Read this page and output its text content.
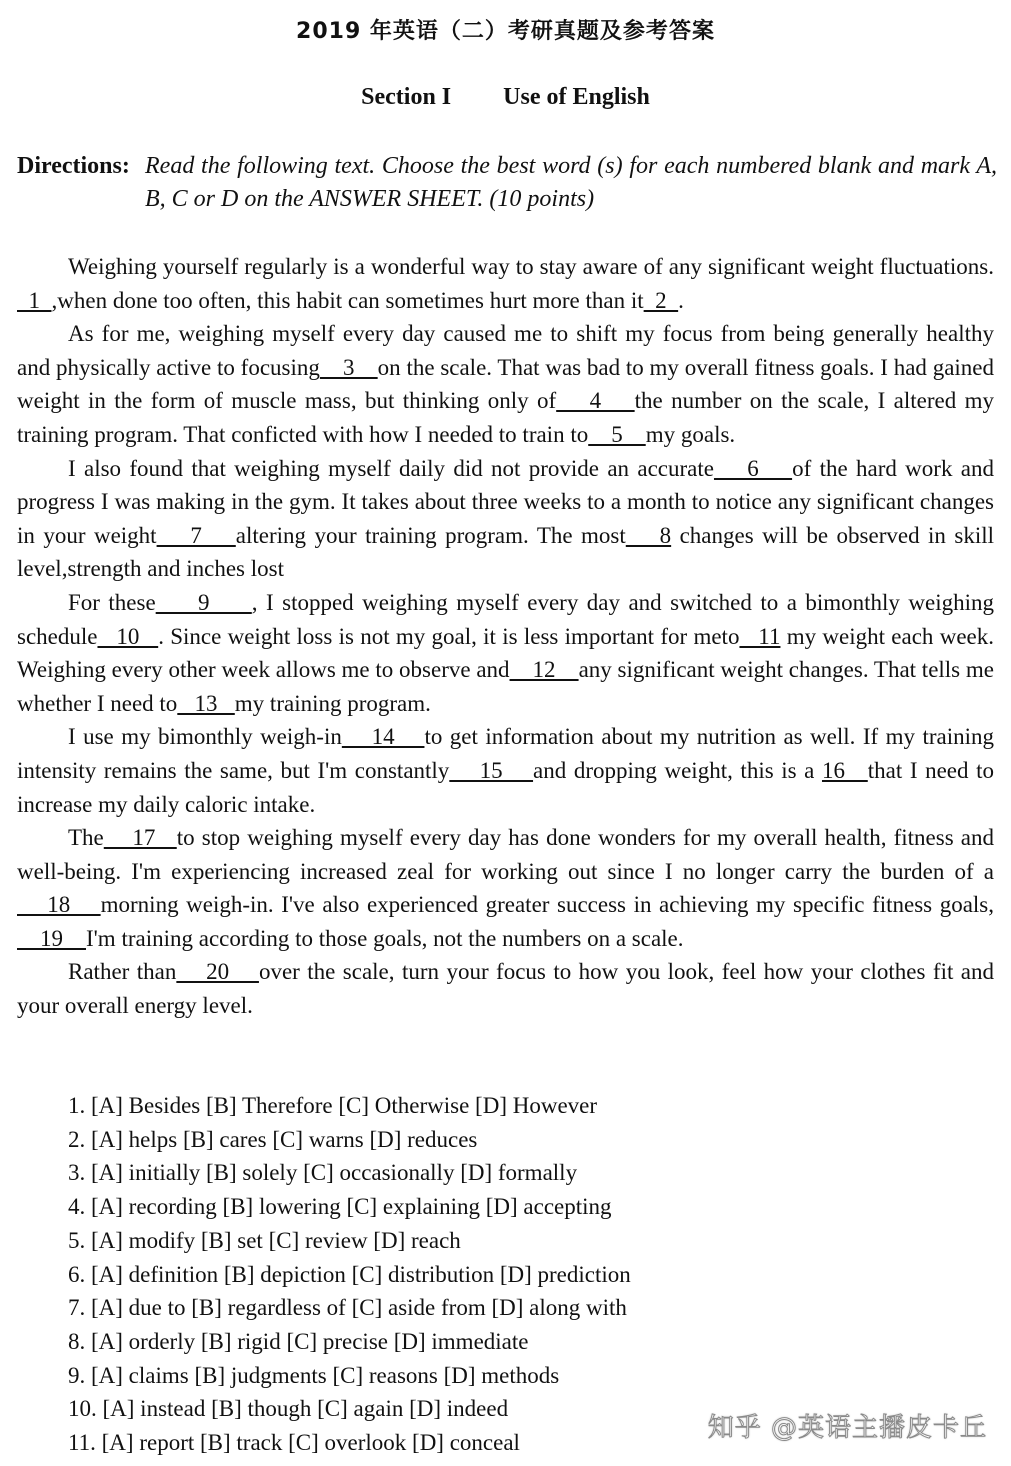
2019 年英语（二）考研真题及参考答案
Section I Use of English
Directions: Read the following text. Choose the best word (s) for each numbered blank and mark A, B, C or D on the ANSWER SHEET. (10 points)

Weighing yourself regularly is a wonderful way to stay aware of any significant weight fluctuations.  1  ,when done too often, this habit can sometimes hurt more than it  2  .

As for me, weighing myself every day caused me to shift my focus from being generally healthy and physically active to focusing    3    on the scale. That was bad to my overall fitness goals. I had gained weight in the form of muscle mass, but thinking only of    4    the number on the scale, I altered my training program. That conficted with how I needed to train to    5    my goals.

I also found that weighing myself daily did not provide an accurate    6    of the hard work and progress I was making in the gym. It takes about three weeks to a month to notice any significant changes in your weight    7    altering your training program. The most    8 changes will be observed in skill level,strength and inches lost

For these     9     , I stopped weighing myself every day and switched to a bimonthly weighing schedule   10   . Since weight loss is not my goal, it is less important for meto   11 my weight each week. Weighing every other week allows me to observe and    12    any significant weight changes. That tells me whether I need to   13   my training program.

I use my bimonthly weigh-in    14    to get information about my nutrition as well. If my training intensity remains the same, but I'm constantly    15    and dropping weight, this is a 16   that I need to increase my daily caloric intake.

The    17   to stop weighing myself every day has done wonders for my overall health, fitness and well-being. I'm experiencing increased zeal for working out since I no longer carry the burden of a    18    morning weigh-in. I've also experienced greater success in achieving my specific fitness goals,    19    I'm training according to those goals, not the numbers on a scale.

Rather than    20    over the scale, turn your focus to how you look, feel how your clothes fit and your overall energy level.

1. [A] Besides [B] Therefore [C] Otherwise [D] However
2. [A] helps [B] cares [C] warns [D] reduces
3. [A] initially [B] solely [C] occasionally [D] formally
4. [A] recording [B] lowering [C] explaining [D] accepting
5. [A] modify [B] set [C] review [D] reach
6. [A] definition [B] depiction [C] distribution [D] prediction
7. [A] due to [B] regardless of [C] aside from [D] along with
8. [A] orderly [B] rigid [C] precise [D] immediate
9. [A] claims [B] judgments [C] reasons [D] methods
10. [A] instead [B] though [C] again [D] indeed
11. [A] report [B] track [C] overlook [D] conceal	知乎 @英语主播皮卡丘
